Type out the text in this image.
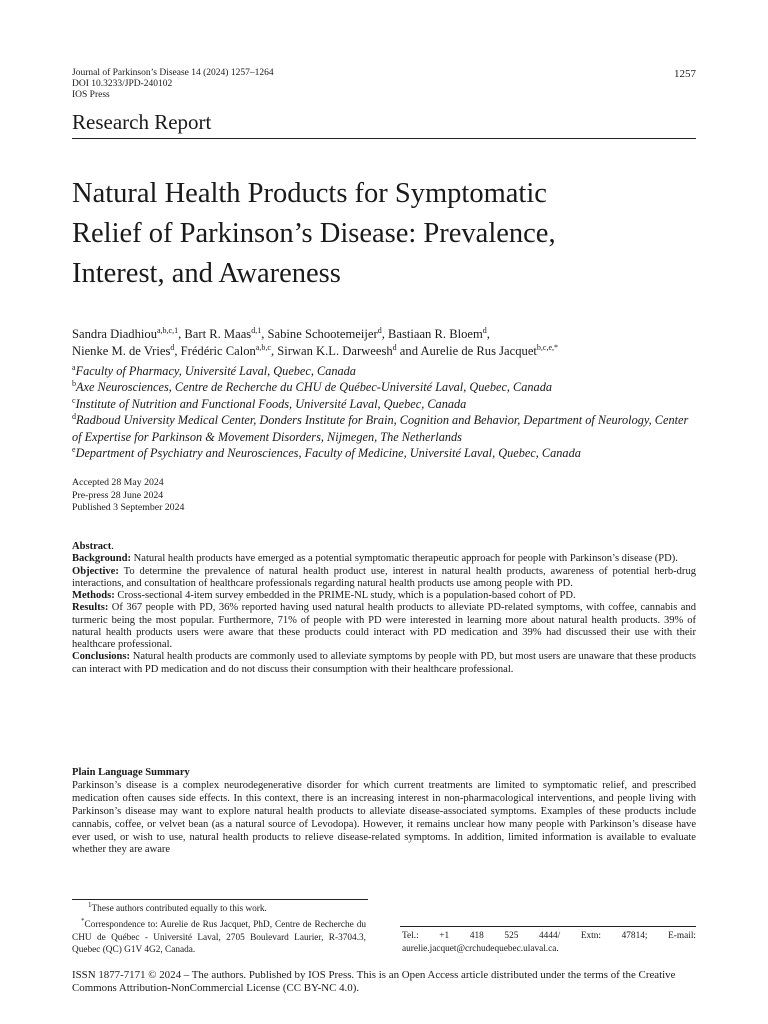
Journal of Parkinson’s Disease 14 (2024) 1257–1264
DOI 10.3233/JPD-240102
IOS Press
1257
Research Report
Natural Health Products for Symptomatic
Relief of Parkinson’s Disease: Prevalence,
Interest, and Awareness
Sandra Diadhiou$^{a,b,c,1}$, Bart R. Maas$^{d,1}$, Sabine Schootemeijer$^d$, Bastiaan R. Bloem$^d$,
Nienke M. de Vries$^d$, Frédéric Calon$^{a,b,c}$, Sirwan K.L. Darweesh$^d$ and Aurelie de Rus Jacquet$^{b,c,e,*}$
$^a$Faculty of Pharmacy, Université Laval, Quebec, Canada
$^b$Axe Neurosciences, Centre de Recherche du CHU de Québec-Université Laval, Quebec, Canada
$^c$Institute of Nutrition and Functional Foods, Université Laval, Quebec, Canada
$^d$Radboud University Medical Center, Donders Institute for Brain, Cognition and Behavior, Department of Neurology, Center of Expertise for Parkinson & Movement Disorders, Nijmegen, The Netherlands
$^e$Department of Psychiatry and Neurosciences, Faculty of Medicine, Université Laval, Quebec, Canada
Accepted 28 May 2024
Pre-press 28 June 2024
Published 3 September 2024

Abstract.

Background: Natural health products have emerged as a potential symptomatic therapeutic approach for people with Parkinson’s disease (PD).

Objective: To determine the prevalence of natural health product use, interest in natural health products, awareness of potential herb-drug interactions, and consultation of healthcare professionals regarding natural health products use among people with PD.

Methods: Cross-sectional 4-item survey embedded in the PRIME-NL study, which is a population-based cohort of PD.

Results: Of 367 people with PD, 36% reported having used natural health products to alleviate PD-related symptoms, with coffee, cannabis and turmeric being the most popular. Furthermore, 71% of people with PD were interested in learning more about natural health products. 39% of natural health products users were aware that these products could interact with PD medication and 39% had discussed their use with their healthcare professional.

Conclusions: Natural health products are commonly used to alleviate symptoms by people with PD, but most users are unaware that these products can interact with PD medication and do not discuss their consumption with their healthcare professional.

Plain Language Summary

Parkinson’s disease is a complex neurodegenerative disorder for which current treatments are limited to symptomatic relief, and prescribed medication often causes side effects. In this context, there is an increasing interest in non-pharmacological interventions, and people living with Parkinson’s disease may want to explore natural health products to alleviate disease-associated symptoms. Examples of these products include cannabis, coffee, or velvet bean (as a natural source of Levodopa). However, it remains unclear how many people with Parkinson’s disease have ever used, or wish to use, natural health products to relieve disease-related symptoms. In addition, limited information is available to evaluate whether they are aware

$^1$These authors contributed equally to this work.
*Correspondence to: Aurelie de Rus Jacquet, PhD, Centre de Recherche du CHU de Québec - Université Laval, 2705 Boulevard Laurier, R-3704.3, Quebec (QC) G1V 4G2, Canada.
Tel.: +1 418 525 4444/ Extn: 47814; E-mail: aurelie.jacquet@crchudequebec.ulaval.ca.
ISSN 1877-7171 © 2024 – The authors. Published by IOS Press. This is an Open Access article distributed under the terms of the Creative Commons Attribution-NonCommercial License (CC BY-NC 4.0).
